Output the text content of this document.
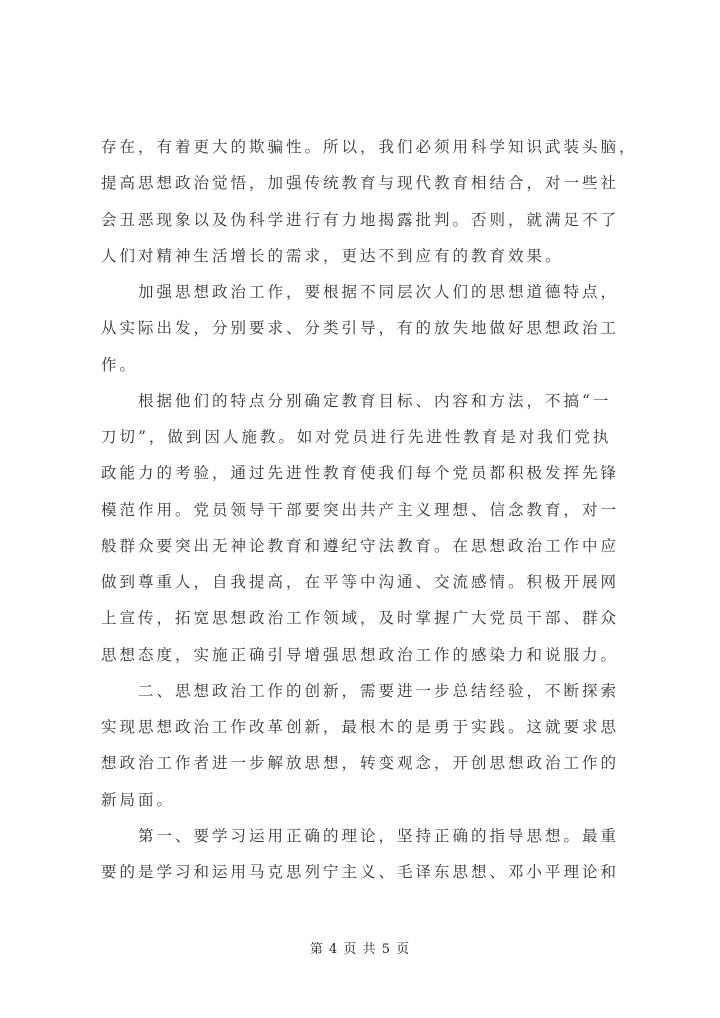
存在，有着更大的欺骗性。所以，我们必须用科学知识武装头脑，
提高思想政治觉悟，加强传统教育与现代教育相结合，对一些社
会丑恶现象以及伪科学进行有力地揭露批判。否则，就满足不了
人们对精神生活增长的需求，更达不到应有的教育效果。
加强思想政治工作，要根据不同层次人们的思想道德特点，
从实际出发，分别要求、分类引导，有的放失地做好思想政治工
作。
根据他们的特点分别确定教育目标、内容和方法，不搞“一
刀切”，做到因人施教。如对党员进行先进性教育是对我们党执
政能力的考验，通过先进性教育使我们每个党员都积极发挥先锋
模范作用。党员领导干部要突出共产主义理想、信念教育，对一
般群众要突出无神论教育和遵纪守法教育。在思想政治工作中应
做到尊重人，自我提高，在平等中沟通、交流感情。积极开展网
上宣传，拓宽思想政治工作领域，及时掌握广大党员干部、群众
思想态度，实施正确引导增强思想政治工作的感染力和说服力。
二、思想政治工作的创新，需要进一步总结经验，不断探索
实现思想政治工作改革创新，最根木的是勇于实践。这就要求思
想政治工作者进一步解放思想，转变观念，开创思想政治工作的
新局面。
第一、要学习运用正确的理论，坚持正确的指导思想。最重
要的是学习和运用马克思列宁主义、毛译东思想、邓小平理论和
第 4 页 共 5 页
